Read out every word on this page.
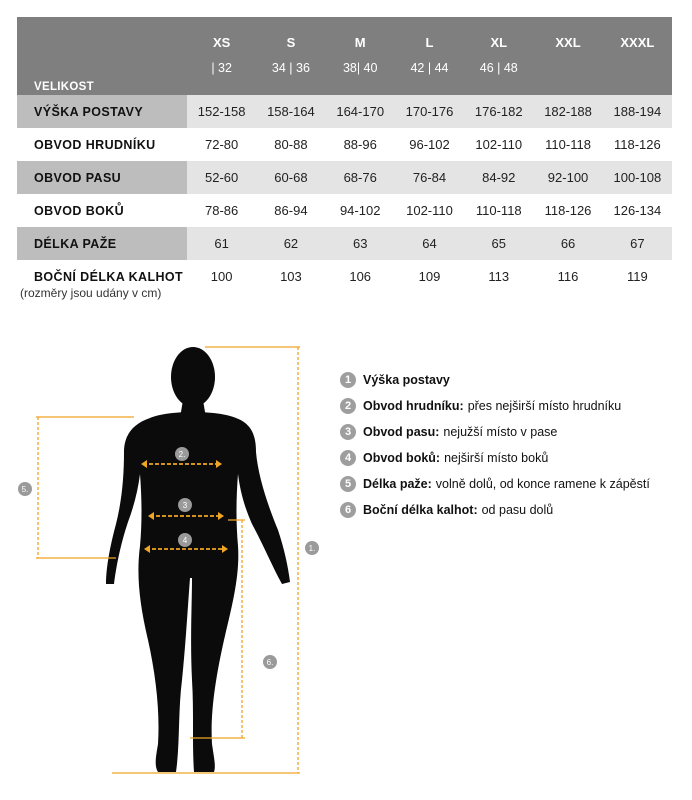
VELIKOST	XS	S	M	L	XL	XXL	XXXL
	| 32	34 | 36	38| 40	42 | 44	46 | 48		
VÝŠKA POSTAVY	152-158	158-164	164-170	170-176	176-182	182-188	188-194
OBVOD HRUDNÍKU	72-80	80-88	88-96	96-102	102-110	110-118	118-126
OBVOD PASU	52-60	60-68	68-76	76-84	84-92	92-100	100-108
OBVOD BOKŮ	78-86	86-94	94-102	102-110	110-118	118-126	126-134
DÉLKA PAŽE	61	62	63	64	65	66	67
BOČNÍ DÉLKA KALHOT	100	103	106	109	113	116	119
(rozměry jsou udány v cm)
2.
3
4
5.
1.
6.
1 Výška postavy
2 Obvod hrudníku: přes nejširší místo hrudníku
3 Obvod pasu: nejužší místo v pase
4 Obvod boků: nejširší místo boků
5 Délka paže: volně dolů, od konce ramene k zápěstí
6 Boční délka kalhot: od pasu dolů
